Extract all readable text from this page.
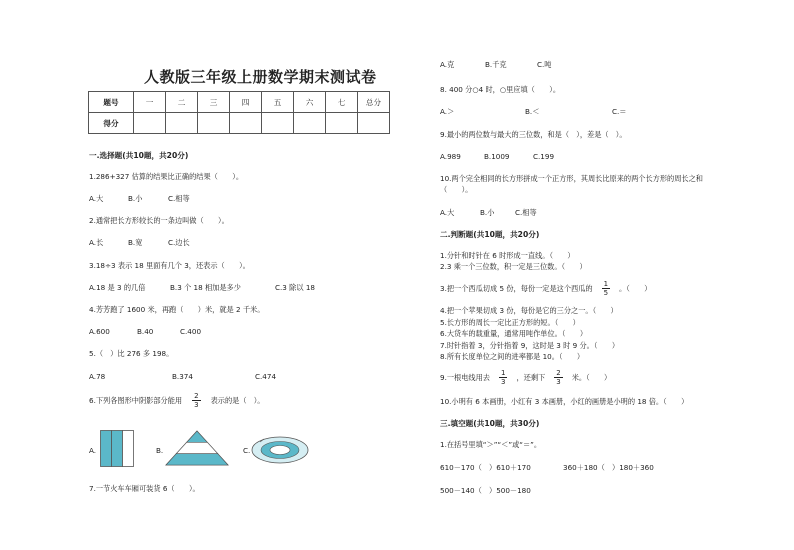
人教版三年级上册数学期末测试卷
题号	一	二	三	四	五	六	七	总分
得分								
一.选择题(共10题，共20分)
1.286+327 估算的结果比正确的结果（　　）。
A.大	B.小	C.相等
2.通常把长方形较长的一条边叫做（　　）。
A.长	B.宽	C.边长
3.18÷3 表示 18 里面有几个 3，还表示（　　）。
A.18 是 3 的几倍	B.3 个 18 相加是多少	C.3 除以 18
4.芳芳跑了 1600 米，再跑（　　）米，就是 2 千米。
A.600	B.40	C.400
5.（　）比 276 多 198。
A.78	B.374	C.474
6.下列各图形中阴影部分能用 $\frac{2}{3}$ 表示的是（　）。
A.	B.	C.
7.一节火车车厢可装货 6（　　）。
A.克	B.千克	C.吨
8. 400 分○4 时，○里应填（　　）。
A.＞	B.＜	C.＝
9.最小的两位数与最大的三位数，和是（　），差是（　）。
A.989	B.1009	C.199
10.两个完全相同的长方形拼成一个正方形，其周长比原来的两个长方形的周长之和
（　　）。
A.大	B.小	C.相等
二.判断题(共10题，共20分)
1.分针和时针在 6 时形成一直线。（　　）
2.3 乘一个三位数，积一定是三位数。（　　）
3.把一个西瓜切成 5 份，每份一定是这个西瓜的 $\frac{1}{5}$ 。（　　）
4.把一个苹果切成 3 份，每份是它的三分之一。（　　）
5.长方形的周长一定比正方形的短。（　　）
6.大货车的载重量，通常用吨作单位。（　　）
7.时针指着 3，分针指着 9，这时是 3 时 9 分。（　　）
8.所有长度单位之间的进率都是 10。（　　）
9.一根电线用去 $\frac{1}{3}$ ，还剩下 $\frac{2}{3}$ 米。（　　）
10.小明有 6 本画册，小红有 3 本画册，小红的画册是小明的 18 倍。（　　）
三.填空题(共10题，共30分)
1.在括号里填“＞”“＜”或“＝”。
610－170（　）610＋170	360＋180（　）180＋360
500－140（　）500－180
